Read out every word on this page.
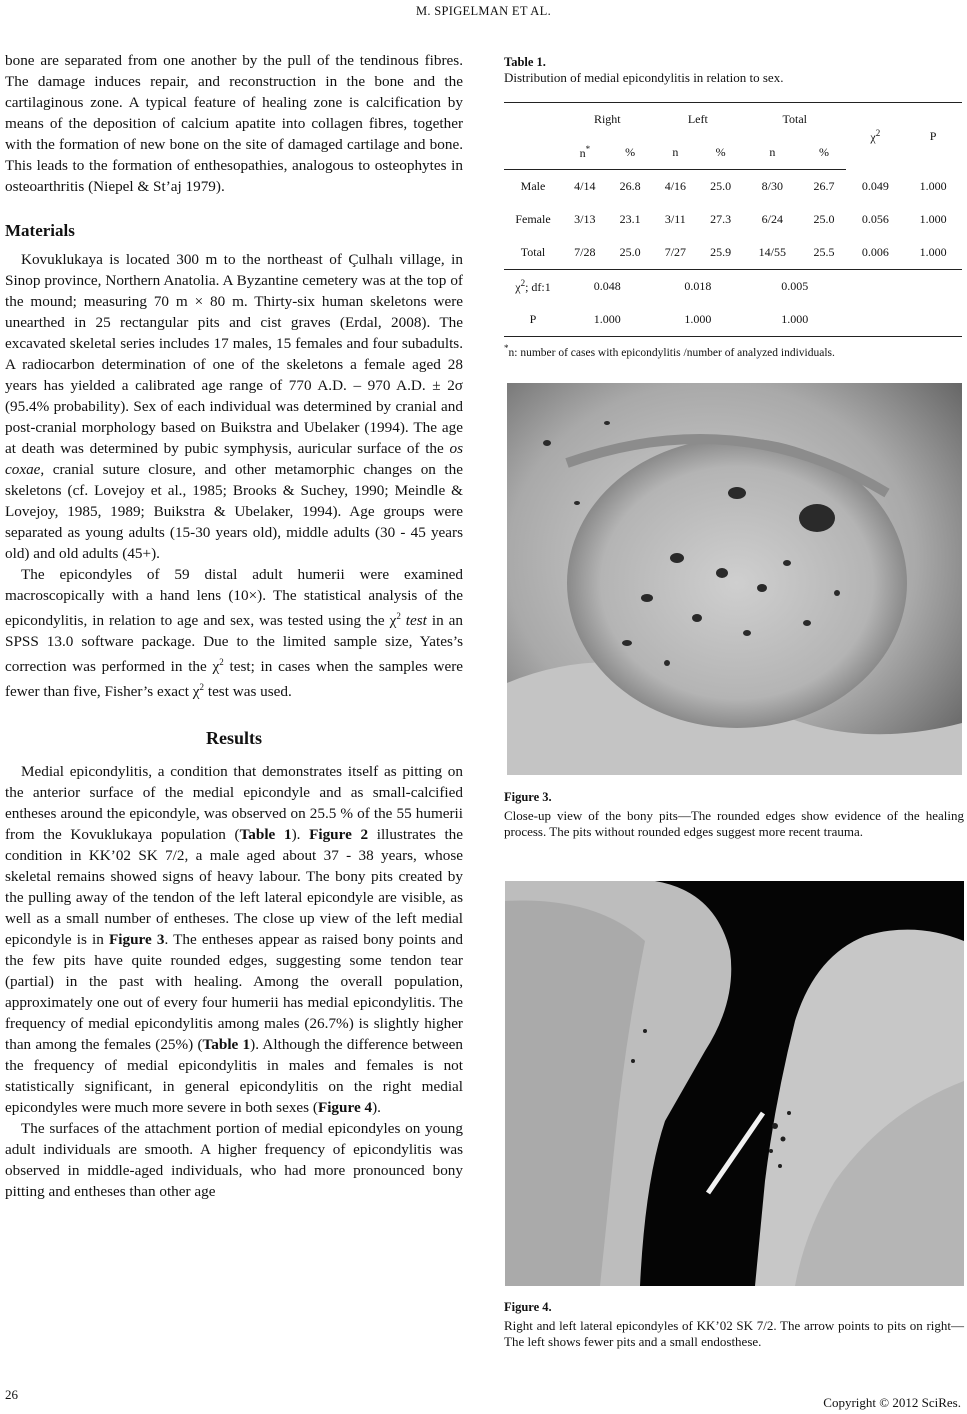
M. SPIGELMAN ET AL.

bone are separated from one another by the pull of the tendinous fibres. The damage induces repair, and reconstruction in the bone and the cartilaginous zone. A typical feature of healing zone is calcification by means of the deposition of calcium apatite into collagen fibres, together with the formation of new bone on the site of damaged cartilage and bone. This leads to the formation of enthesopathies, analogous to osteophytes in osteoarthritis (Niepel & St’aj 1979).

Materials

Kovuklukaya is located 300 m to the northeast of Çulhalı village, in Sinop province, Northern Anatolia. A Byzantine cemetery was at the top of the mound; measuring 70 m × 80 m. Thirty-six human skeletons were unearthed in 25 rectangular pits and cist graves (Erdal, 2008). The excavated skeletal series includes 17 males, 15 females and four subadults. A radiocarbon determination of one of the skeletons a female aged 28 years has yielded a calibrated age range of 770 A.D. – 970 A.D. ± 2σ (95.4% probability). Sex of each individual was determined by cranial and post-cranial morphology based on Buikstra and Ubelaker (1994). The age at death was determined by pubic symphysis, auricular surface of the os coxae, cranial suture closure, and other metamorphic changes on the skeletons (cf. Lovejoy et al., 1985; Brooks & Suchey, 1990; Meindle & Lovejoy, 1985, 1989; Buikstra & Ubelaker, 1994). Age groups were separated as young adults (15-30 years old), middle adults (30 - 45 years old) and old adults (45+).

The epicondyles of 59 distal adult humerii were examined macroscopically with a hand lens (10×). The statistical analysis of the epicondylitis, in relation to age and sex, was tested using the $\chi^2$ test in an SPSS 13.0 software package. Due to the limited sample size, Yates’s correction was performed in the $\chi^2$ test; in cases when the samples were fewer than five, Fisher’s exact $\chi^2$ test was used.

Results

Medial epicondylitis, a condition that demonstrates itself as pitting on the anterior surface of the medial epicondyle and as small-calcified entheses around the epicondyle, was observed on 25.5 % of the 55 humerii from the Kovuklukaya population (Table 1). Figure 2 illustrates the condition in KK’02 SK 7/2, a male aged about 37 - 38 years, whose skeletal remains showed signs of heavy labour. The bony pits created by the pulling away of the tendon of the left lateral epicondyle are visible, as well as a small number of entheses. The close up view of the left medial epicondyle is in Figure 3. The entheses appear as raised bony points and the few pits have quite rounded edges, suggesting some tendon tear (partial) in the past with healing. Among the overall population, approximately one out of every four humerii has medial epicondylitis. The frequency of medial epicondylitis among males (26.7%) is slightly higher than among the females (25%) (Table 1). Although the difference between the frequency of medial epicondylitis in males and females is not statistically significant, in general epicondylitis on the right medial epicondyles were much more severe in both sexes (Figure 4).

The surfaces of the attachment portion of medial epicondyles on young adult individuals are smooth. A higher frequency of epicondylitis was observed in middle-aged individuals, who had more pronounced bony pitting and entheses than other age

Table 1.

Distribution of medial epicondylitis in relation to sex.

	Right		Left		Total		$\chi^2$	P
	n*	%	n	%	n	%		
Male	4/14	26.8	4/16	25.0	8/30	26.7	0.049	1.000
Female	3/13	23.1	3/11	27.3	6/24	25.0	0.056	1.000
Total	7/28	25.0	7/27	25.9	14/55	25.5	0.006	1.000
$\chi^2$; df:1	0.048		0.018		0.005			
P	1.000		1.000		1.000			

*n: number of cases with epicondylitis /number of analyzed individuals.

Figure 3.
Close-up view of the bony pits—The rounded edges show evidence of the healing process. The pits without rounded edges suggest more recent trauma.
Figure 4.
Right and left lateral epicondyles of KK’02 SK 7/2. The arrow points to pits on right—The left shows fewer pits and a small endosthese.
26
Copyright © 2012 SciRes.
